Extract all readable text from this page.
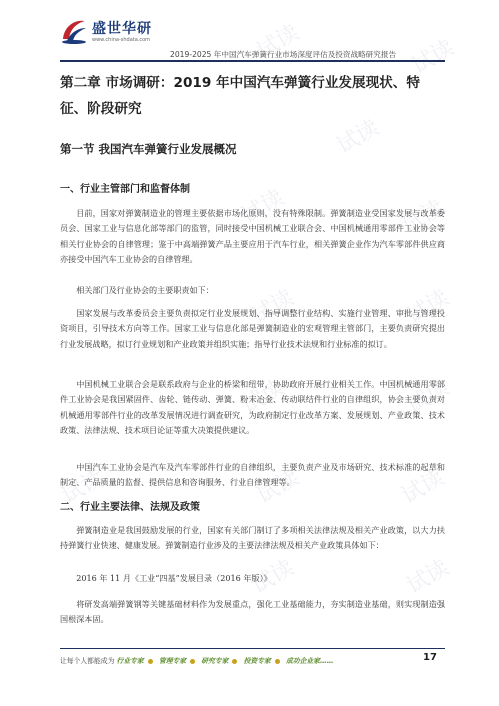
试读
试读
试读
试读	试读
试读	试读
试读	试读
试读	试读
试读	试读
试读
盛世华研
www.china-shdata.com
2019-2025 年中国汽车弹簧行业市场深度评估及投资战略研究报告
第二章 市场调研：2019 年中国汽车弹簧行业发展现状、特征、阶段研究
第一节 我国汽车弹簧行业发展概况
一、行业主管部门和监督体制

目前，国家对弹簧制造业的管理主要依据市场化原则，没有特殊限制。弹簧制造业受国家发展与改革委员会、国家工业与信息化部等部门的监管，同时接受中国机械工业联合会、中国机械通用零部件工业协会等相关行业协会的自律管理；鉴于中高端弹簧产品主要应用于汽车行业，相关弹簧企业作为汽车零部件供应商亦接受中国汽车工业协会的自律管理。

相关部门及行业协会的主要职责如下：

国家发展与改革委员会主要负责拟定行业发展规划、指导调整行业结构、实施行业管理、审批与管理投资项目，引导技术方向等工作。国家工业与信息化部是弹簧制造业的宏观管理主管部门，主要负责研究提出行业发展战略，拟订行业规划和产业政策并组织实施；指导行业技术法规和行业标准的拟订。

中国机械工业联合会是联系政府与企业的桥梁和纽带，协助政府开展行业相关工作。中国机械通用零部件工业协会是我国紧固件、齿轮、链传动、弹簧、粉末冶金、传动联结件行业的自律组织，协会主要负责对机械通用零部件行业的改革发展情况进行调查研究，为政府制定行业改革方案、发展规划、产业政策、技术政策、法律法规、技术项目论证等重大决策提供建议。

中国汽车工业协会是汽车及汽车零部件行业的自律组织，主要负责产业及市场研究、技术标准的起草和制定、产品质量的监督、提供信息和咨询服务、行业自律管理等。

二、行业主要法律、法规及政策

弹簧制造业是我国鼓励发展的行业，国家有关部门制订了多项相关法律法规及相关产业政策，以大力扶持弹簧行业快速、健康发展。弹簧制造行业涉及的主要法律法规及相关产业政策具体如下：

2016 年 11 月《工业“四基”发展目录（2016 年版）》

将研发高端弹簧钢等关键基础材料作为发展重点，强化工业基础能力，夯实制造业基础，则实现制造强国根深本固。

让每个人都能成为 行业专家 管理专家 研究专家 投资专家 成功企业家……	17
